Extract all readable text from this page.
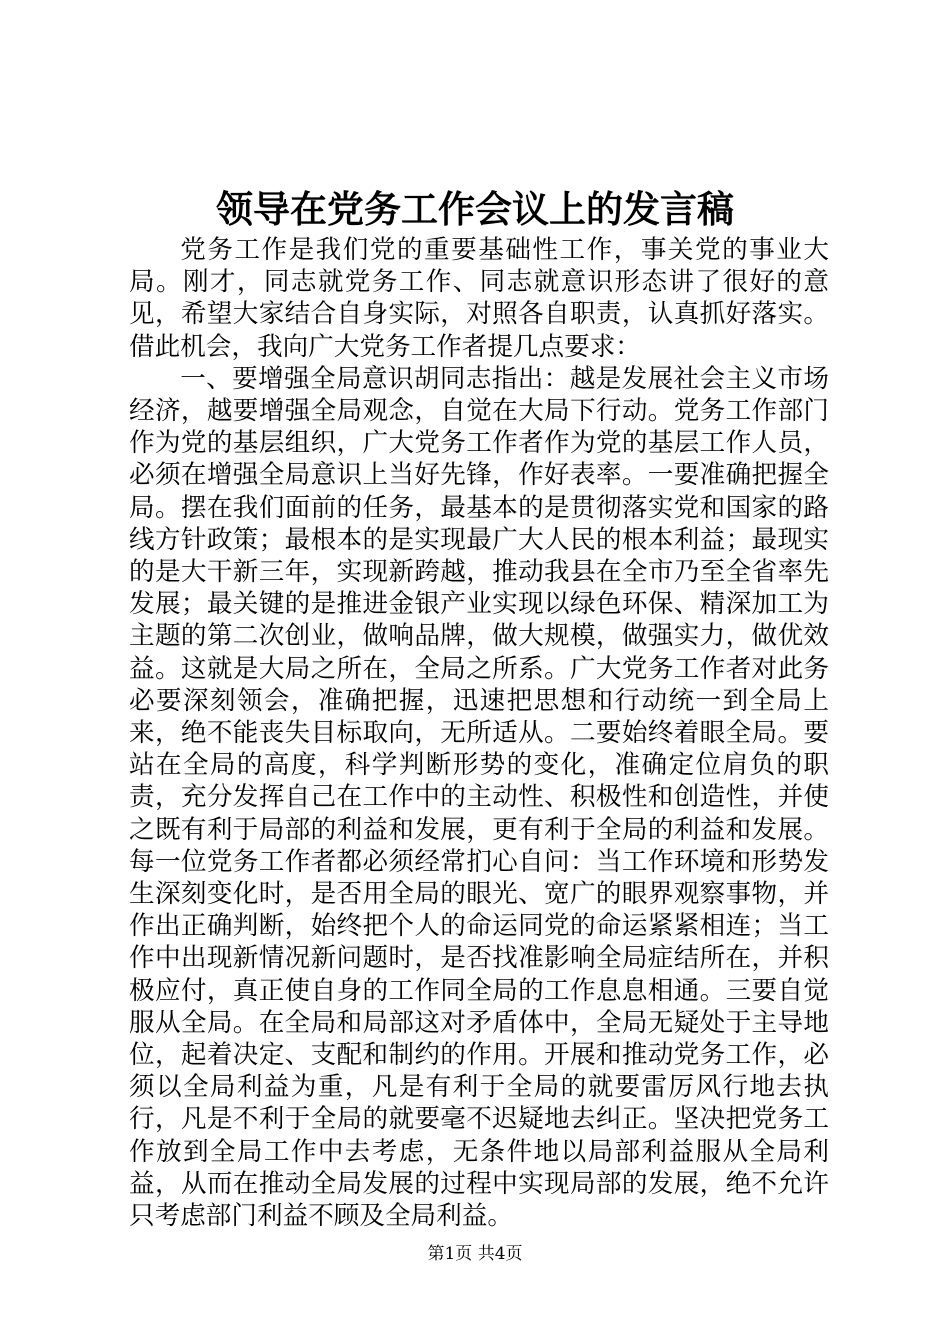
领导在党务工作会议上的发言稿

党务工作是我们党的重要基础性工作，事关党的事业大局。刚才，同志就党务工作、同志就意识形态讲了很好的意见，希望大家结合自身实际，对照各自职责，认真抓好落实。借此机会，我向广大党务工作者提几点要求：

一、要增强全局意识胡同志指出：越是发展社会主义市场经济，越要增强全局观念，自觉在大局下行动。党务工作部门作为党的基层组织，广大党务工作者作为党的基层工作人员，必须在增强全局意识上当好先锋，作好表率。一要准确把握全局。摆在我们面前的任务，最基本的是贯彻落实党和国家的路线方针政策；最根本的是实现最广大人民的根本利益；最现实的是大干新三年，实现新跨越，推动我县在全市乃至全省率先发展；最关键的是推进金银产业实现以绿色环保、精深加工为主题的第二次创业，做响品牌，做大规模，做强实力，做优效益。这就是大局之所在，全局之所系。广大党务工作者对此务必要深刻领会，准确把握，迅速把思想和行动统一到全局上来，绝不能丧失目标取向，无所适从。二要始终着眼全局。要站在全局的高度，科学判断形势的变化，准确定位肩负的职责，充分发挥自己在工作中的主动性、积极性和创造性，并使之既有利于局部的利益和发展，更有利于全局的利益和发展。每一位党务工作者都必须经常扪心自问：当工作环境和形势发生深刻变化时，是否用全局的眼光、宽广的眼界观察事物，并作出正确判断，始终把个人的命运同党的命运紧紧相连；当工作中出现新情况新问题时，是否找准影响全局症结所在，并积极应付，真正使自身的工作同全局的工作息息相通。三要自觉服从全局。在全局和局部这对矛盾体中，全局无疑处于主导地位，起着决定、支配和制约的作用。开展和推动党务工作，必须以全局利益为重，凡是有利于全局的就要雷厉风行地去执行，凡是不利于全局的就要毫不迟疑地去纠正。坚决把党务工作放到全局工作中去考虑，无条件地以局部利益服从全局利益，从而在推动全局发展的过程中实现局部的发展，绝不允许只考虑部门利益不顾及全局利益。

第1页 共4页
